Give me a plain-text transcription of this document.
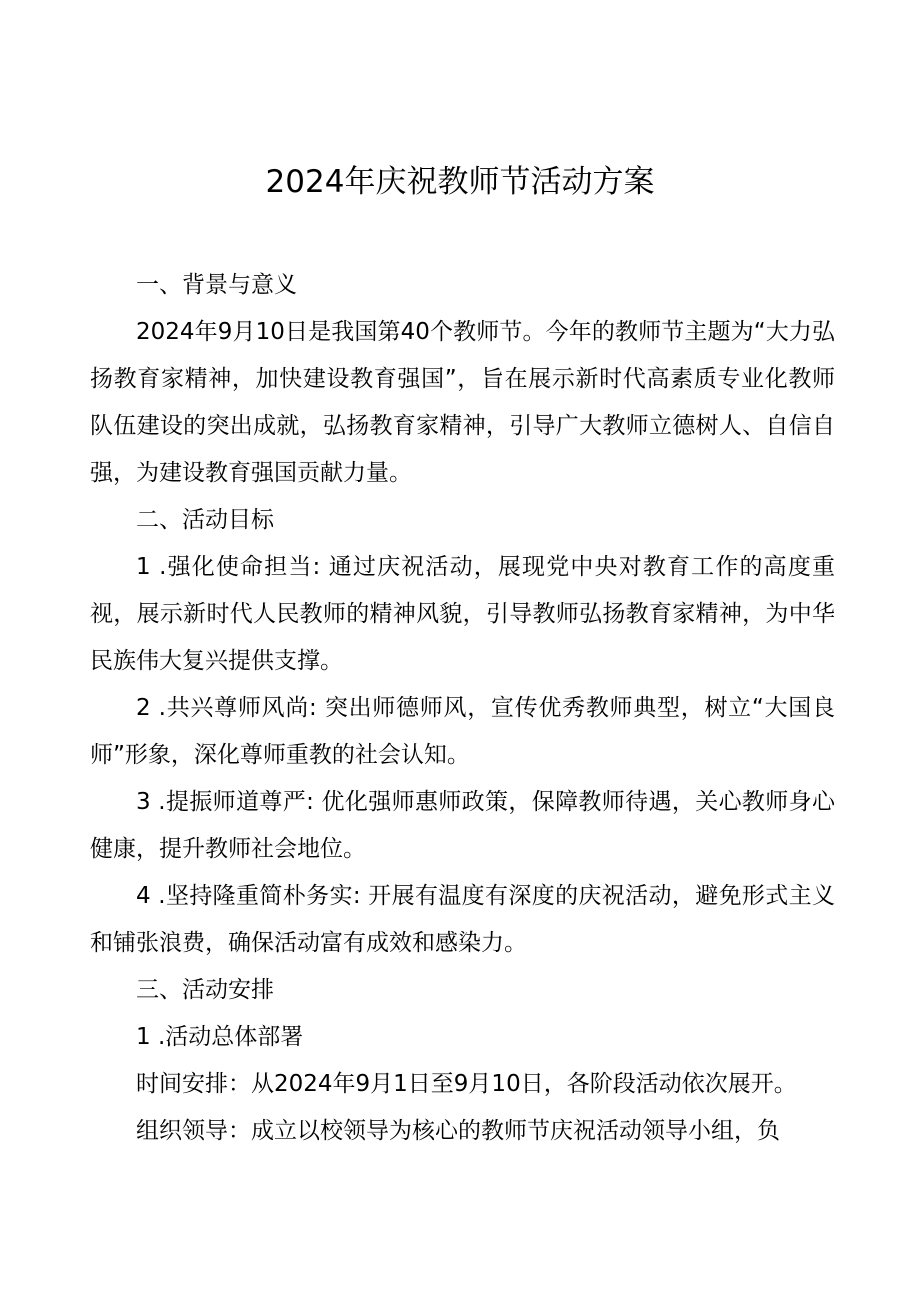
2024年庆祝教师节活动方案

一、背景与意义

2024年9月10日是我国第40个教师节。今年的教师节主题为“大力弘扬教育家精神，加快建设教育强国”，旨在展示新时代高素质专业化教师队伍建设的突出成就，弘扬教育家精神，引导广大教师立德树人、自信自强，为建设教育强国贡献力量。

二、活动目标

1 .强化使命担当: 通过庆祝活动，展现党中央对教育工作的高度重视，展示新时代人民教师的精神风貌，引导教师弘扬教育家精神，为中华民族伟大复兴提供支撑。

2 .共兴尊师风尚: 突出师德师风，宣传优秀教师典型，树立“大国良师”形象，深化尊师重教的社会认知。

3 .提振师道尊严: 优化强师惠师政策，保障教师待遇，关心教师身心健康，提升教师社会地位。

4 .坚持隆重简朴务实: 开展有温度有深度的庆祝活动，避免形式主义和铺张浪费，确保活动富有成效和感染力。

三、活动安排

1 .活动总体部署

时间安排：从2024年9月1日至9月10日，各阶段活动依次展开。

组织领导：成立以校领导为核心的教师节庆祝活动领导小组，负
